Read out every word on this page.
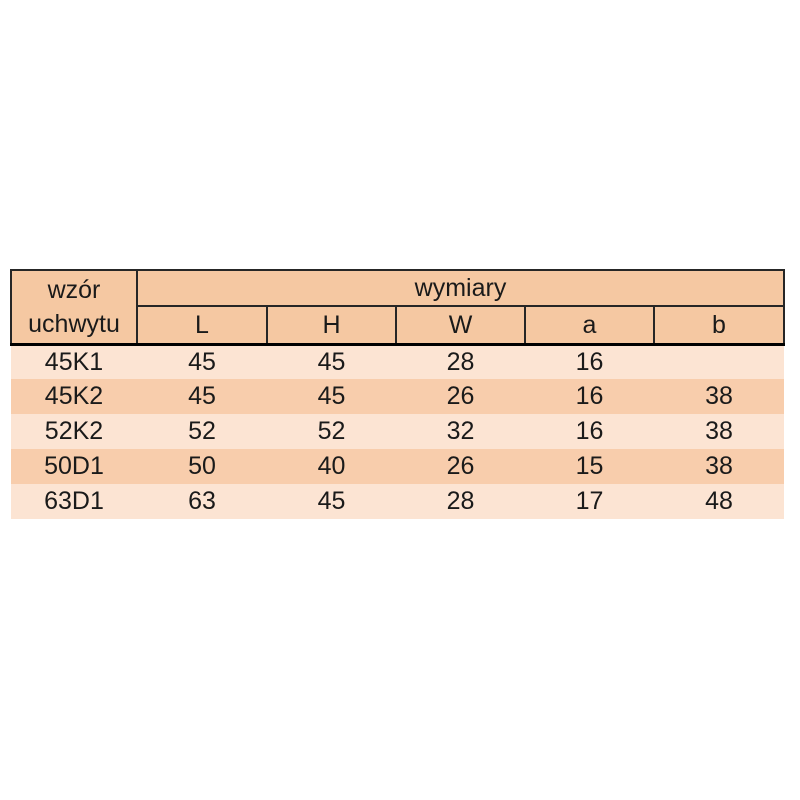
wzór
uchwytu	wymiary				
	L	H	W	a	b
45K1	45	45	28	16	
45K2	45	45	26	16	38
52K2	52	52	32	16	38
50D1	50	40	26	15	38
63D1	63	45	28	17	48
